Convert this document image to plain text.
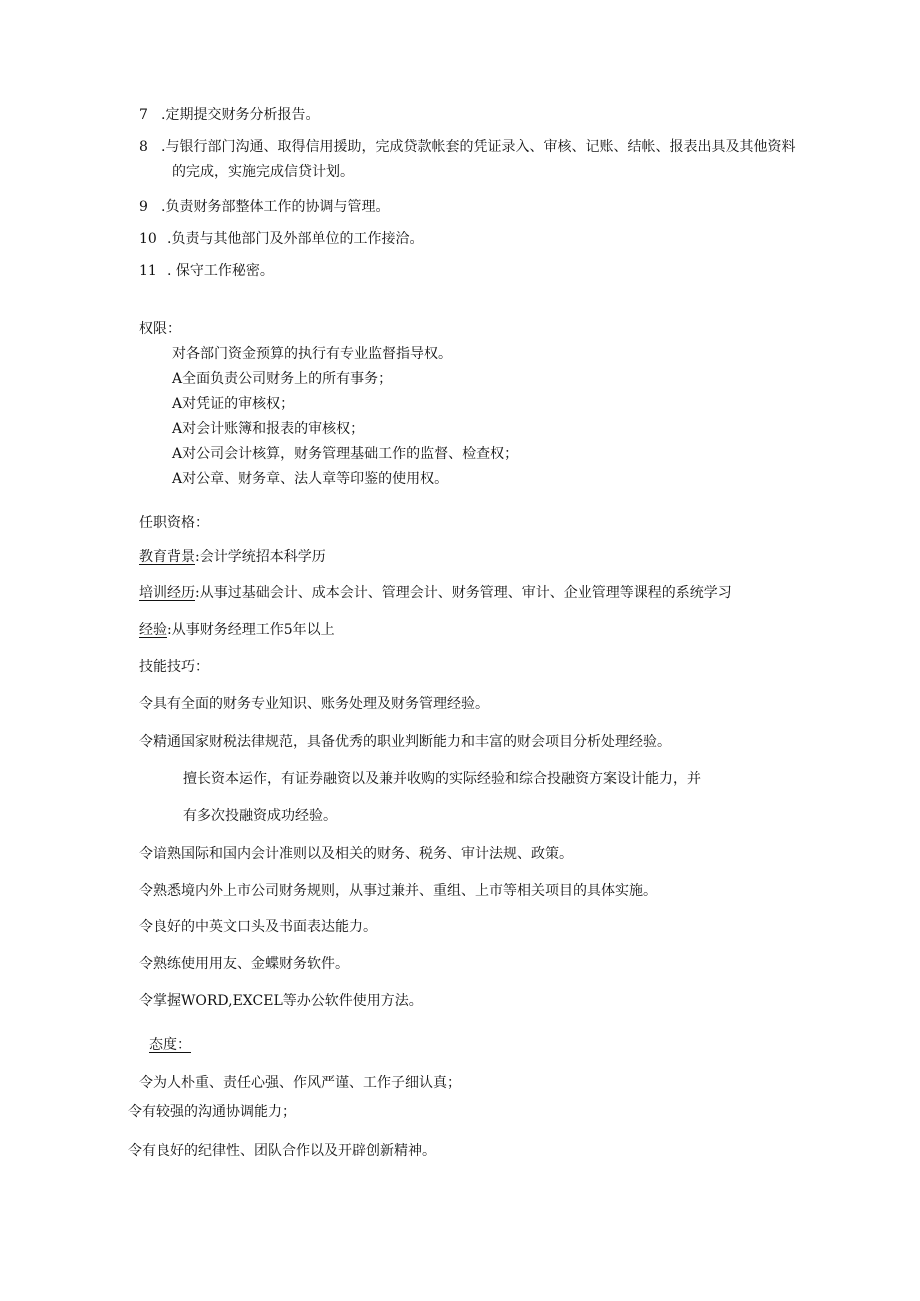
7 .定期提交财务分析报告。
8 .与银行部门沟通、取得信用援助，完成贷款帐套的凭证录入、审核、记账、结帐、报表出具及其他资料
的完成，实施完成信贷计划。
9 .负责财务部整体工作的协调与管理。
10 .负责与其他部门及外部单位的工作接洽。
11 . 保守工作秘密。
权限：
对各部门资金预算的执行有专业监督指导权。
A全面负责公司财务上的所有事务；
A对凭证的审核权；
A对会计账簿和报表的审核权；
A对公司会计核算，财务管理基础工作的监督、检查权；
A对公章、财务章、法人章等印鉴的使用权。
任职资格：
教育背景:会计学统招本科学历
培训经历:从事过基础会计、成本会计、管理会计、财务管理、审计、企业管理等课程的系统学习
经验:从事财务经理工作5年以上
技能技巧：
令具有全面的财务专业知识、账务处理及财务管理经验。
令精通国家财税法律规范，具备优秀的职业判断能力和丰富的财会项目分析处理经验。
擅长资本运作，有证券融资以及兼并收购的实际经验和综合投融资方案设计能力，并
有多次投融资成功经验。
令谙熟国际和国内会计准则以及相关的财务、税务、审计法规、政策。
令熟悉境内外上市公司财务规则，从事过兼并、重组、上市等相关项目的具体实施。
令良好的中英文口头及书面表达能力。
令熟练使用用友、金蝶财务软件。
令掌握WORD,EXCEL等办公软件使用方法。
态度：
令为人朴重、责任心强、作风严谨、工作子细认真；
令有较强的沟通协调能力；
令有良好的纪律性、团队合作以及开辟创新精神。
